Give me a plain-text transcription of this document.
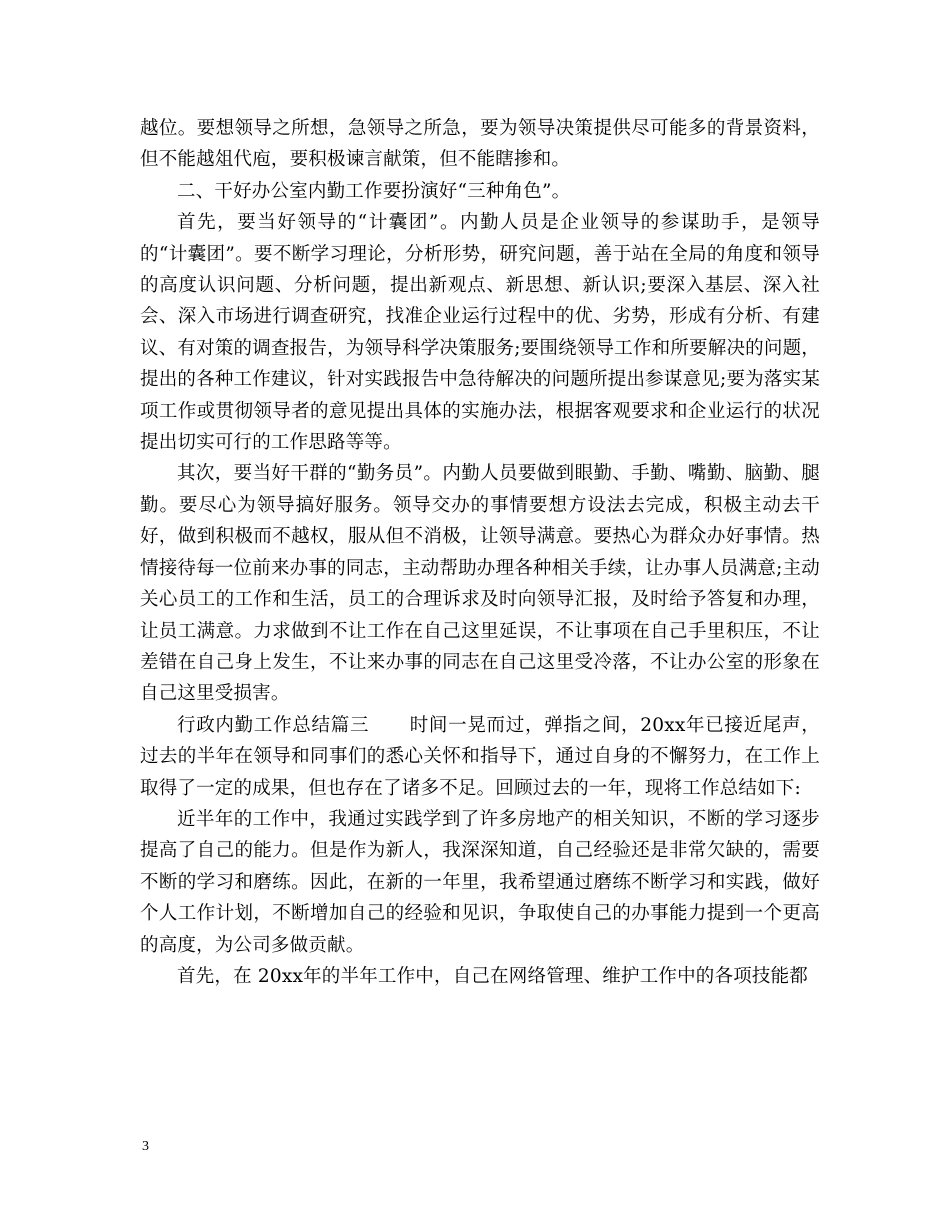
越位。要想领导之所想，急领导之所急，要为领导决策提供尽可能多的背景资料，但不能越俎代庖，要积极谏言献策，但不能瞎掺和。

二、干好办公室内勤工作要扮演好“三种角色”。

首先，要当好领导的“计囊团”。内勤人员是企业领导的参谋助手，是领导的“计囊团”。要不断学习理论，分析形势，研究问题，善于站在全局的角度和领导的高度认识问题、分析问题，提出新观点、新思想、新认识;要深入基层、深入社会、深入市场进行调查研究，找准企业运行过程中的优、劣势，形成有分析、有建议、有对策的调查报告，为领导科学决策服务;要围绕领导工作和所要解决的问题，提出的各种工作建议，针对实践报告中急待解决的问题所提出参谋意见;要为落实某项工作或贯彻领导者的意见提出具体的实施办法，根据客观要求和企业运行的状况提出切实可行的工作思路等等。

其次，要当好干群的“勤务员”。内勤人员要做到眼勤、手勤、嘴勤、脑勤、腿勤。要尽心为领导搞好服务。领导交办的事情要想方设法去完成，积极主动去干好，做到积极而不越权，服从但不消极，让领导满意。要热心为群众办好事情。热情接待每一位前来办事的同志，主动帮助办理各种相关手续，让办事人员满意;主动关心员工的工作和生活，员工的合理诉求及时向领导汇报，及时给予答复和办理，让员工满意。力求做到不让工作在自己这里延误，不让事项在自己手里积压，不让差错在自己身上发生，不让来办事的同志在自己这里受冷落，不让办公室的形象在自己这里受损害。

行政内勤工作总结篇三 时间一晃而过，弹指之间，20xx年已接近尾声，过去的半年在领导和同事们的悉心关怀和指导下，通过自身的不懈努力，在工作上取得了一定的成果，但也存在了诸多不足。回顾过去的一年，现将工作总结如下:

近半年的工作中，我通过实践学到了许多房地产的相关知识，不断的学习逐步提高了自己的能力。但是作为新人，我深深知道，自己经验还是非常欠缺的，需要不断的学习和磨练。因此，在新的一年里，我希望通过磨练不断学习和实践，做好个人工作计划，不断增加自己的经验和见识，争取使自己的办事能力提到一个更高的高度，为公司多做贡献。

首先，在 20xx年的半年工作中，自己在网络管理、维护工作中的各项技能都

3
